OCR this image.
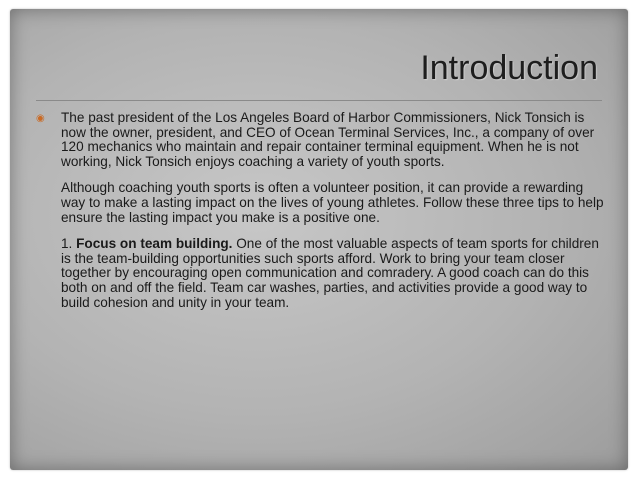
Introduction
◉ The past president of the Los Angeles Board of Harbor Commissioners, Nick Tonsich is now the owner, president, and CEO of Ocean Terminal Services, Inc., a company of over 120 mechanics who maintain and repair container terminal equipment. When he is not working, Nick Tonsich enjoys coaching a variety of youth sports.

Although coaching youth sports is often a volunteer position, it can provide a rewarding way to make a lasting impact on the lives of young athletes. Follow these three tips to help ensure the lasting impact you make is a positive one.

1. Focus on team building. One of the most valuable aspects of team sports for children is the team-building opportunities such sports afford. Work to bring your team closer together by encouraging open communication and comradery. A good coach can do this both on and off the field. Team car washes, parties, and activities provide a good way to build cohesion and unity in your team.
